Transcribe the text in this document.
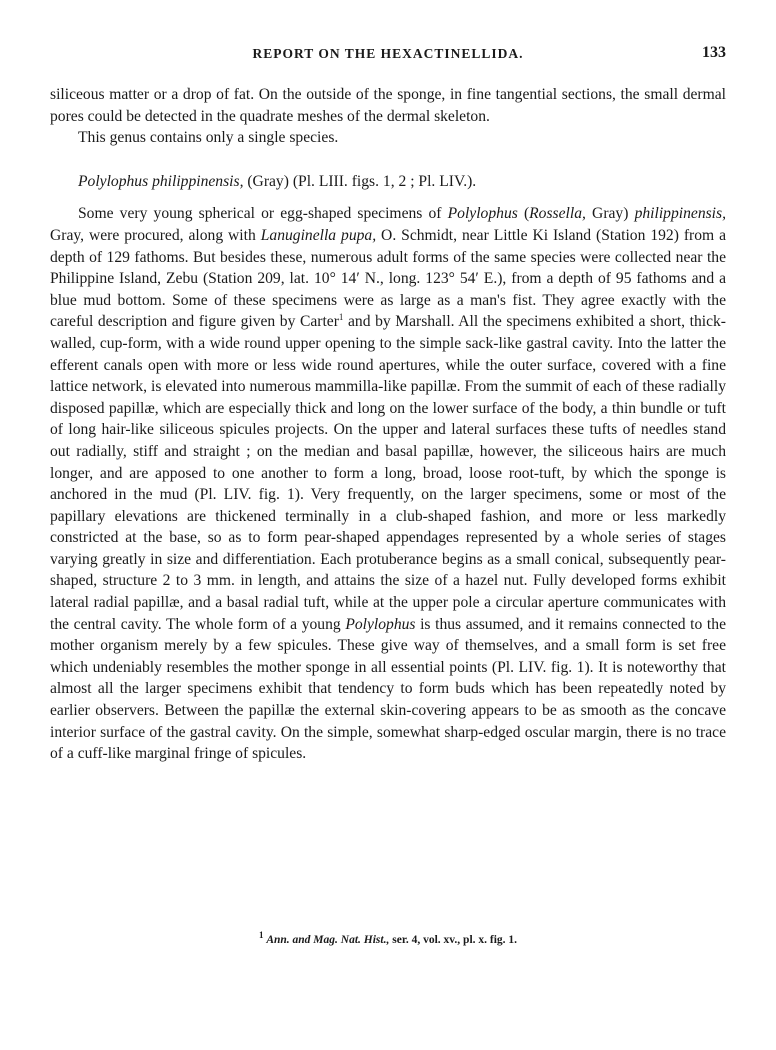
REPORT ON THE HEXACTINELLIDA.	133

siliceous matter or a drop of fat. On the outside of the sponge, in fine tangential sections, the small dermal pores could be detected in the quadrate meshes of the dermal skeleton.

This genus contains only a single species.

Polylophus philippinensis, (Gray) (Pl. LIII. figs. 1, 2 ; Pl. LIV.).

Some very young spherical or egg-shaped specimens of Polylophus (Rossella, Gray) philippinensis, Gray, were procured, along with Lanuginella pupa, O. Schmidt, near Little Ki Island (Station 192) from a depth of 129 fathoms. But besides these, numerous adult forms of the same species were collected near the Philippine Island, Zebu (Station 209, lat. 10° 14′ N., long. 123° 54′ E.), from a depth of 95 fathoms and a blue mud bottom. Some of these specimens were as large as a man's fist. They agree exactly with the careful description and figure given by Carter$^1$ and by Marshall. All the specimens exhibited a short, thick-walled, cup-form, with a wide round upper opening to the simple sack-like gastral cavity. Into the latter the efferent canals open with more or less wide round apertures, while the outer surface, covered with a fine lattice network, is elevated into numerous mammilla-like papillæ. From the summit of each of these radially disposed papillæ, which are especially thick and long on the lower surface of the body, a thin bundle or tuft of long hair-like siliceous spicules projects. On the upper and lateral surfaces these tufts of needles stand out radially, stiff and straight ; on the median and basal papillæ, however, the siliceous hairs are much longer, and are apposed to one another to form a long, broad, loose root-tuft, by which the sponge is anchored in the mud (Pl. LIV. fig. 1). Very frequently, on the larger specimens, some or most of the papillary elevations are thickened terminally in a club-shaped fashion, and more or less markedly constricted at the base, so as to form pear-shaped appendages represented by a whole series of stages varying greatly in size and differentiation. Each protuberance begins as a small conical, subsequently pear-shaped, structure 2 to 3 mm. in length, and attains the size of a hazel nut. Fully developed forms exhibit lateral radial papillæ, and a basal radial tuft, while at the upper pole a circular aperture communicates with the central cavity. The whole form of a young Polylophus is thus assumed, and it remains connected to the mother organism merely by a few spicules. These give way of themselves, and a small form is set free which undeniably resembles the mother sponge in all essential points (Pl. LIV. fig. 1). It is noteworthy that almost all the larger specimens exhibit that tendency to form buds which has been repeatedly noted by earlier observers. Between the papillæ the external skin-covering appears to be as smooth as the concave interior surface of the gastral cavity. On the simple, somewhat sharp-edged oscular margin, there is no trace of a cuff-like marginal fringe of spicules.

$^1$ Ann. and Mag. Nat. Hist., ser. 4, vol. xv., pl. x. fig. 1.
